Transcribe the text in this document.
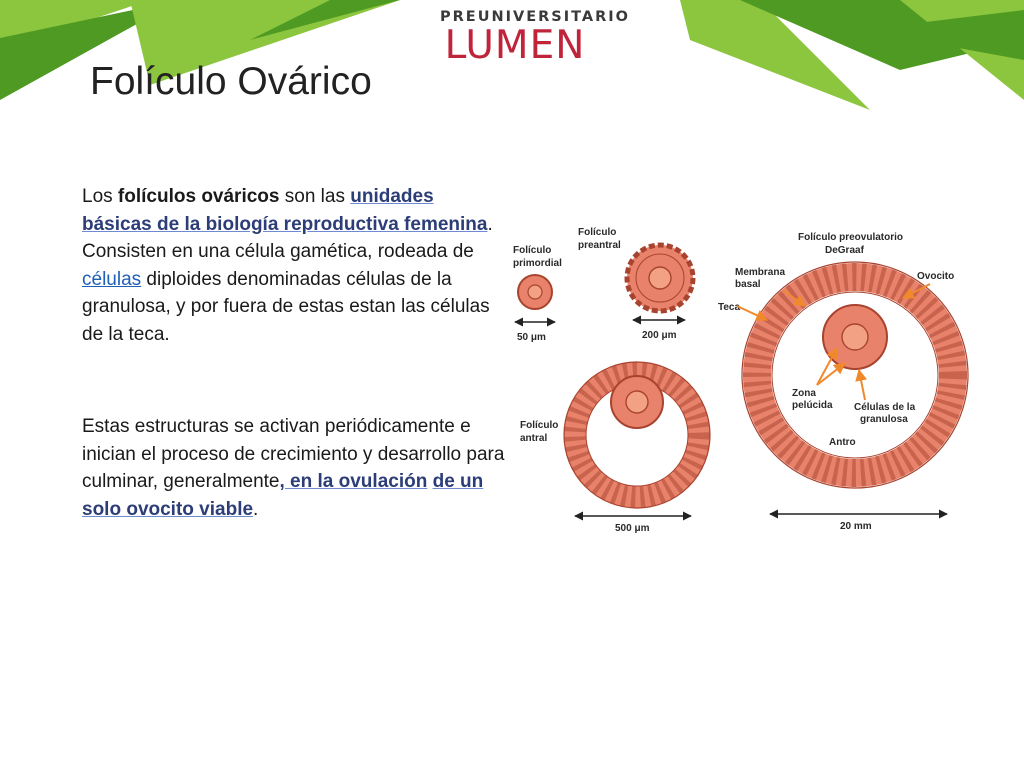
PREUNIVERSITARIO
LUMEN
Folículo Ovárico

Los folículos ováricos son las unidades básicas de la biología reproductiva femenina. Consisten en una célula gamética, rodeada de células diploides denominadas células de la granulosa, y por fuera de estas estan las células de la teca.

Estas estructuras se activan periódicamente e inician el proceso de crecimiento y desarrollo para culminar, generalmente, en la ovulación de un solo ovocito viable.

Folículo
primordial
50 μm
Folículo
preantral
200 μm
Folículo
antral
500 μm
Folículo preovulatorio
DeGraaf
20 mm
Membrana
basal
Ovocito
Teca
Zona
pelúcida Células de la
granulosa
Antro
